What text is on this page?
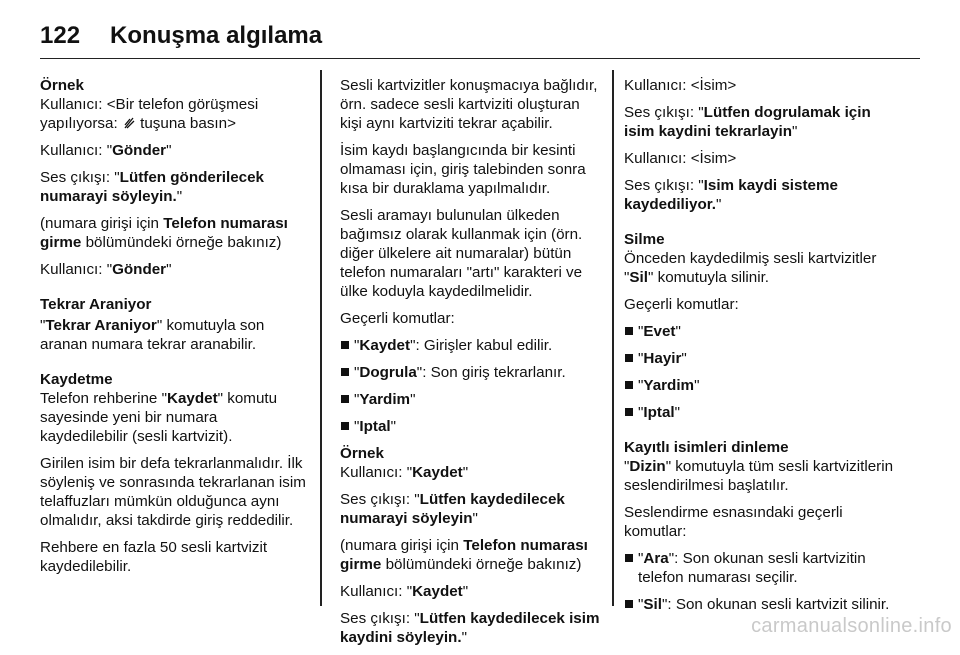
122 Konuşma algılama
Örnek

Kullanıcı: <Bir telefon görüşmesi yapılıyorsa:  tuşuna basın>

Kullanıcı: "Gönder"

Ses çıkışı: "Lütfen gönderilecek numarayi söyleyin."

(numara girişi için Telefon numarası girme bölümündeki örneğe bakınız)

Kullanıcı: "Gönder"

Tekrar Araniyor

"Tekrar Araniyor" komutuyla son aranan numara tekrar aranabilir.

Kaydetme

Telefon rehberine "Kaydet" komutu sayesinde yeni bir numara kaydedilebilir (sesli kartvizit).

Girilen isim bir defa tekrarlanmalıdır. İlk söyleniş ve sonrasında tekrarlanan isim telaffuzları mümkün olduğunca aynı olmalıdır, aksi takdirde giriş reddedilir.

Rehbere en fazla 50 sesli kartvizit kaydedilebilir.

Sesli kartvizitler konuşmacıya bağlıdır, örn. sadece sesli kartviziti oluşturan kişi aynı kartviziti tekrar açabilir.

İsim kaydı başlangıcında bir kesinti olmaması için, giriş talebinden sonra kısa bir duraklama yapılmalıdır.

Sesli aramayı bulunulan ülkeden bağımsız olarak kullanmak için (örn. diğer ülkelere ait numaralar) bütün telefon numaraları "artı" karakteri ve ülke koduyla kaydedilmelidir.

Geçerli komutlar:

"Kaydet": Girişler kabul edilir.
"Dogrula": Son giriş tekrarlanır.
"Yardim"
"Iptal"
Örnek

Kullanıcı: "Kaydet"

Ses çıkışı: "Lütfen kaydedilecek numarayi söyleyin"

(numara girişi için Telefon numarası girme bölümündeki örneğe bakınız)

Kullanıcı: "Kaydet"

Ses çıkışı: "Lütfen kaydedilecek isim kaydini söyleyin."

Kullanıcı: <İsim>

Ses çıkışı: "Lütfen dogrulamak için isim kaydini tekrarlayin"

Kullanıcı: <İsim>

Ses çıkışı: "Isim kaydi sisteme kaydediliyor."

Silme

Önceden kaydedilmiş sesli kartvizitler "Sil" komutuyla silinir.

Geçerli komutlar:

"Evet"
"Hayir"
"Yardim"
"Iptal"
Kayıtlı isimleri dinleme

"Dizin" komutuyla tüm sesli kartvizitlerin seslendirilmesi başlatılır.

Seslendirme esnasındaki geçerli komutlar:

"Ara": Son okunan sesli kartvizitin telefon numarası seçilir.
"Sil": Son okunan sesli kartvizit silinir.
carmanualsonline.info
